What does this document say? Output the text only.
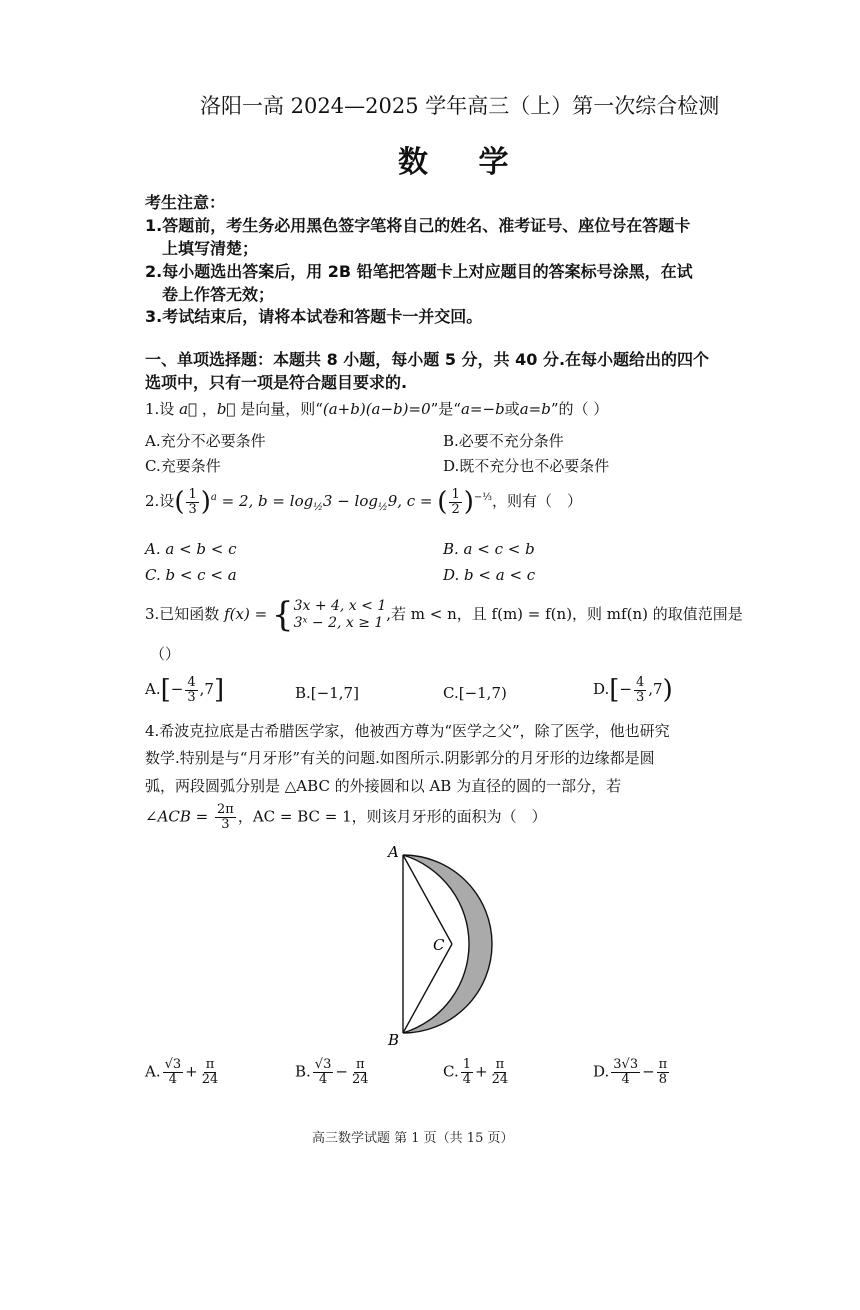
洛阳一高 2024—2025 学年高三（上）第一次综合检测
数 学
考生注意：
1.答题前，考生务必用黑色签字笔将自己的姓名、准考证号、座位号在答题卡
上填写清楚；
2.每小题选出答案后，用 2B 铅笔把答题卡上对应题目的答案标号涂黑，在试
卷上作答无效；
3.考试结束后，请将本试卷和答题卡一并交回。
一、单项选择题：本题共 8 小题，每小题 5 分，共 40 分.在每小题给出的四个
选项中，只有一项是符合题目要求的.
1.设 a⃗ ，b⃗ 是向量，则“(a+b)(a−b)=0”是“a=−b或a=b”的（ ）
A.充分不必要条件	B.必要不充分条件
C.充要条件	D.既不充分也不必要条件
2.设( $\frac{1}{3} )^a = 2$, $b = \log_{\frac{1}{2}}3 - \log_{\frac{1}{2}}9$, c = ( $\frac{1}{2} )^{-\frac{1}{3}}$，则有（　）
A. a < b < c	B. a < c < b
C. b < c < a	D. b < a < c
3.已知函数 f(x) = { 3x + 4, x < 1
3ˣ − 2, x ≥ 1 ,若 m < n，且 f(m) = f(n)，则 mf(n) 的取值范围是
（）
$A.[- \frac{4}{3} ,7]$	B.[−1,7]	C.[−1,7)	$D.[- \frac{4}{3} ,7)$
4.希波克拉底是古希腊医学家，他被西方尊为“医学之父”，除了医学，他也研究
数学.特别是与“月牙形”有关的问题.如图所示.阴影郭分的月牙形的边缘都是圆
弧，两段圆弧分别是 △ABC 的外接圆和以 AB 为直径的圆的一部分，若
∠ACB = $\frac{2\pi}{3}$ ，AC = BC = 1，则该月牙形的面积为（　）
A
B
C
A. $\frac{√3}{4} + \frac{\pi}{24}$	B. $\frac{√3}{4} - \frac{\pi}{24}$	C. $\frac{1}{4} + \frac{\pi}{24}$	D. $\frac{3√3}{4} - \frac{\pi}{8}$
高三数学试题 第 1 页（共 15 页）
